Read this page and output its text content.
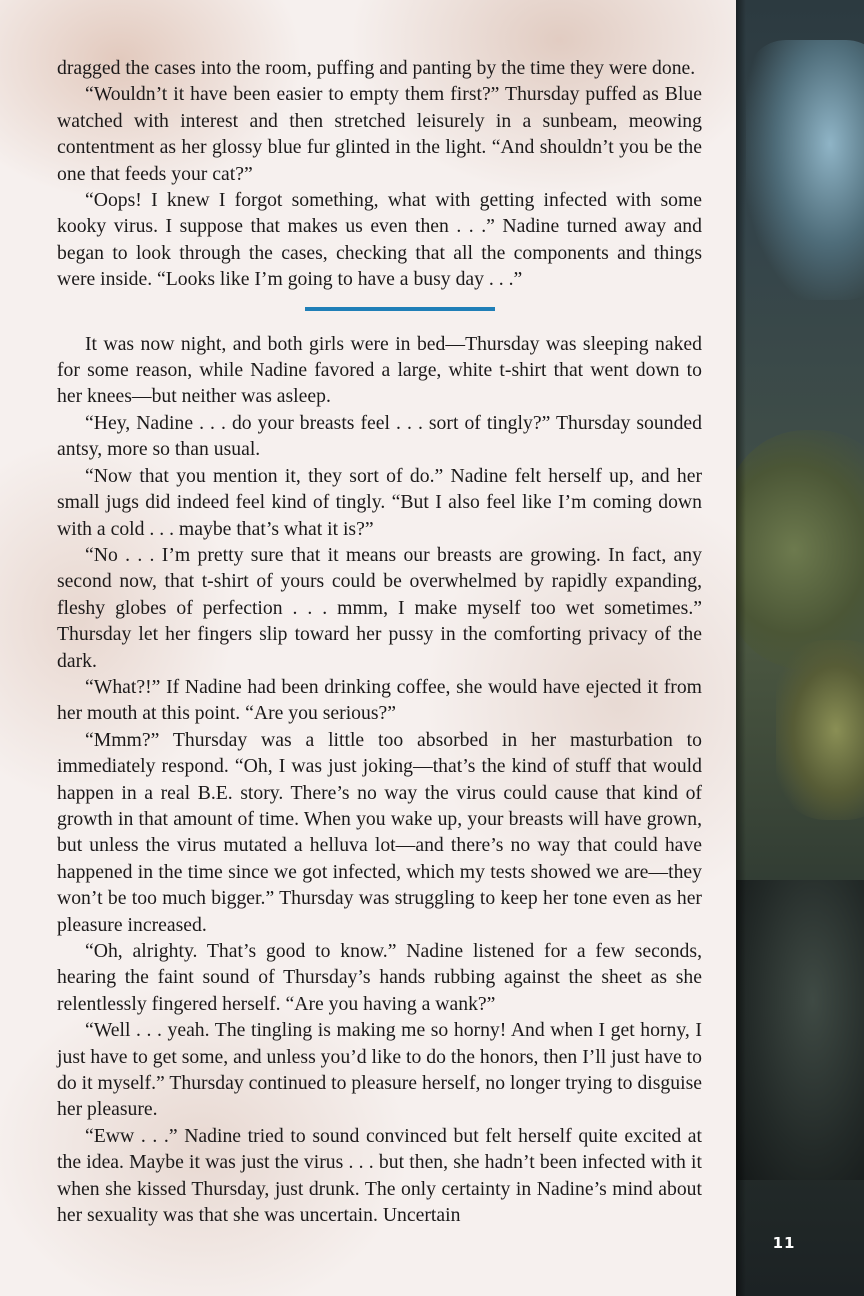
dragged the cases into the room, puffing and panting by the time they were done.

“Wouldn’t it have been easier to empty them first?” Thursday puffed as Blue watched with interest and then stretched leisurely in a sunbeam, meowing contentment as her glossy blue fur glinted in the light. “And shouldn’t you be the one that feeds your cat?”

“Oops! I knew I forgot something, what with getting infected with some kooky virus. I suppose that makes us even then . . .” Nadine turned away and began to look through the cases, checking that all the components and things were inside. “Looks like I’m going to have a busy day . . .”

It was now night, and both girls were in bed—Thursday was sleeping naked for some reason, while Nadine favored a large, white t-shirt that went down to her knees—but neither was asleep.

“Hey, Nadine . . . do your breasts feel . . . sort of tingly?” Thursday sounded antsy, more so than usual.

“Now that you mention it, they sort of do.” Nadine felt herself up, and her small jugs did indeed feel kind of tingly. “But I also feel like I’m coming down with a cold . . . maybe that’s what it is?”

“No . . . I’m pretty sure that it means our breasts are growing. In fact, any second now, that t-shirt of yours could be overwhelmed by rapidly expanding, fleshy globes of perfection . . . mmm, I make myself too wet sometimes.” Thursday let her fingers slip toward her pussy in the comforting privacy of the dark.

“What?!” If Nadine had been drinking coffee, she would have ejected it from her mouth at this point. “Are you serious?”

“Mmm?” Thursday was a little too absorbed in her masturbation to immediately respond. “Oh, I was just joking—that’s the kind of stuff that would happen in a real B.E. story. There’s no way the virus could cause that kind of growth in that amount of time. When you wake up, your breasts will have grown, but unless the virus mutated a helluva lot—and there’s no way that could have happened in the time since we got infected, which my tests showed we are—they won’t be too much bigger.” Thursday was struggling to keep her tone even as her pleasure increased.

“Oh, alrighty. That’s good to know.” Nadine listened for a few seconds, hearing the faint sound of Thursday’s hands rubbing against the sheet as she relentlessly fingered herself. “Are you having a wank?”

“Well . . . yeah. The tingling is making me so horny! And when I get horny, I just have to get some, and unless you’d like to do the honors, then I’ll just have to do it myself.” Thursday continued to pleasure herself, no longer trying to disguise her pleasure.

“Eww . . .” Nadine tried to sound convinced but felt herself quite excited at the idea. Maybe it was just the virus . . . but then, she hadn’t been infected with it when she kissed Thursday, just drunk. The only certainty in Nadine’s mind about her sexuality was that she was uncertain. Uncertain

11
